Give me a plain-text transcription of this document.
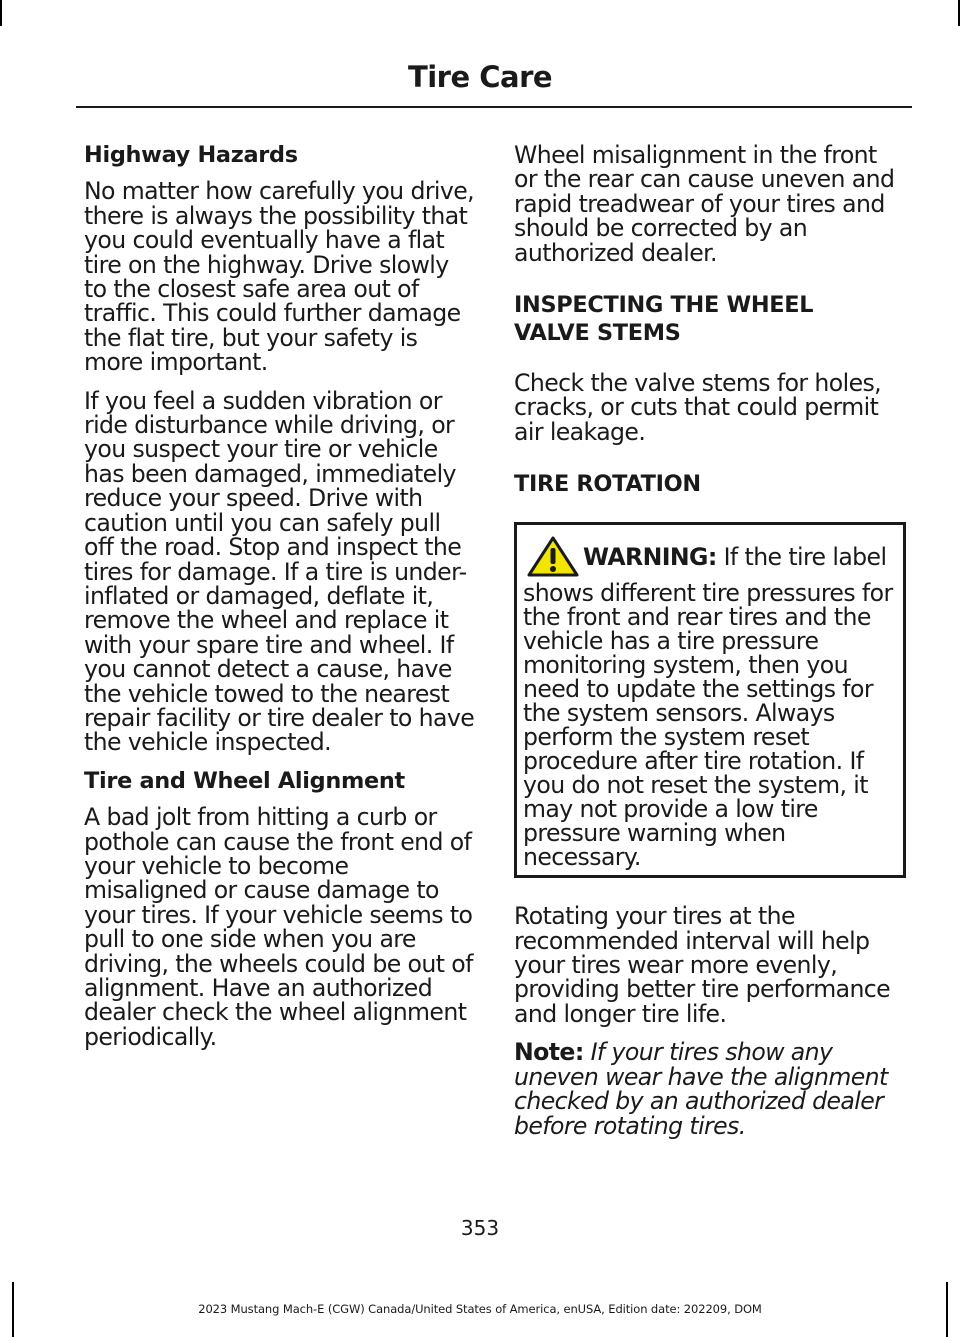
Tire Care
Highway Hazards

No matter how carefully you drive, there is always the possibility that you could eventually have a flat tire on the highway. Drive slowly to the closest safe area out of traffic. This could further damage the flat tire, but your safety is more important.

If you feel a sudden vibration or ride disturbance while driving, or you suspect your tire or vehicle has been damaged, immediately reduce your speed. Drive with caution until you can safely pull off the road. Stop and inspect the tires for damage. If a tire is under-inflated or damaged, deflate it, remove the wheel and replace it with your spare tire and wheel. If you cannot detect a cause, have the vehicle towed to the nearest repair facility or tire dealer to have the vehicle inspected.

Tire and Wheel Alignment

A bad jolt from hitting a curb or pothole can cause the front end of your vehicle to become misaligned or cause damage to your tires. If your vehicle seems to pull to one side when you are driving, the wheels could be out of alignment. Have an authorized dealer check the wheel alignment periodically.

Wheel misalignment in the front or the rear can cause uneven and rapid treadwear of your tires and should be corrected by an authorized dealer.

INSPECTING THE WHEEL
VALVE STEMS

Check the valve stems for holes, cracks, or cuts that could permit air leakage.

TIRE ROTATION
WARNING: If the tire label shows different tire pressures for the front and rear tires and the vehicle has a tire pressure monitoring system, then you need to update the settings for the system sensors. Always perform the system reset procedure after tire rotation. If you do not reset the system, it may not provide a low tire pressure warning when necessary.

Rotating your tires at the recommended interval will help your tires wear more evenly, providing better tire performance and longer tire life.

Note: If your tires show any uneven wear have the alignment checked by an authorized dealer before rotating tires.

353
2023 Mustang Mach-E (CGW) Canada/United States of America, enUSA, Edition date: 202209, DOM
